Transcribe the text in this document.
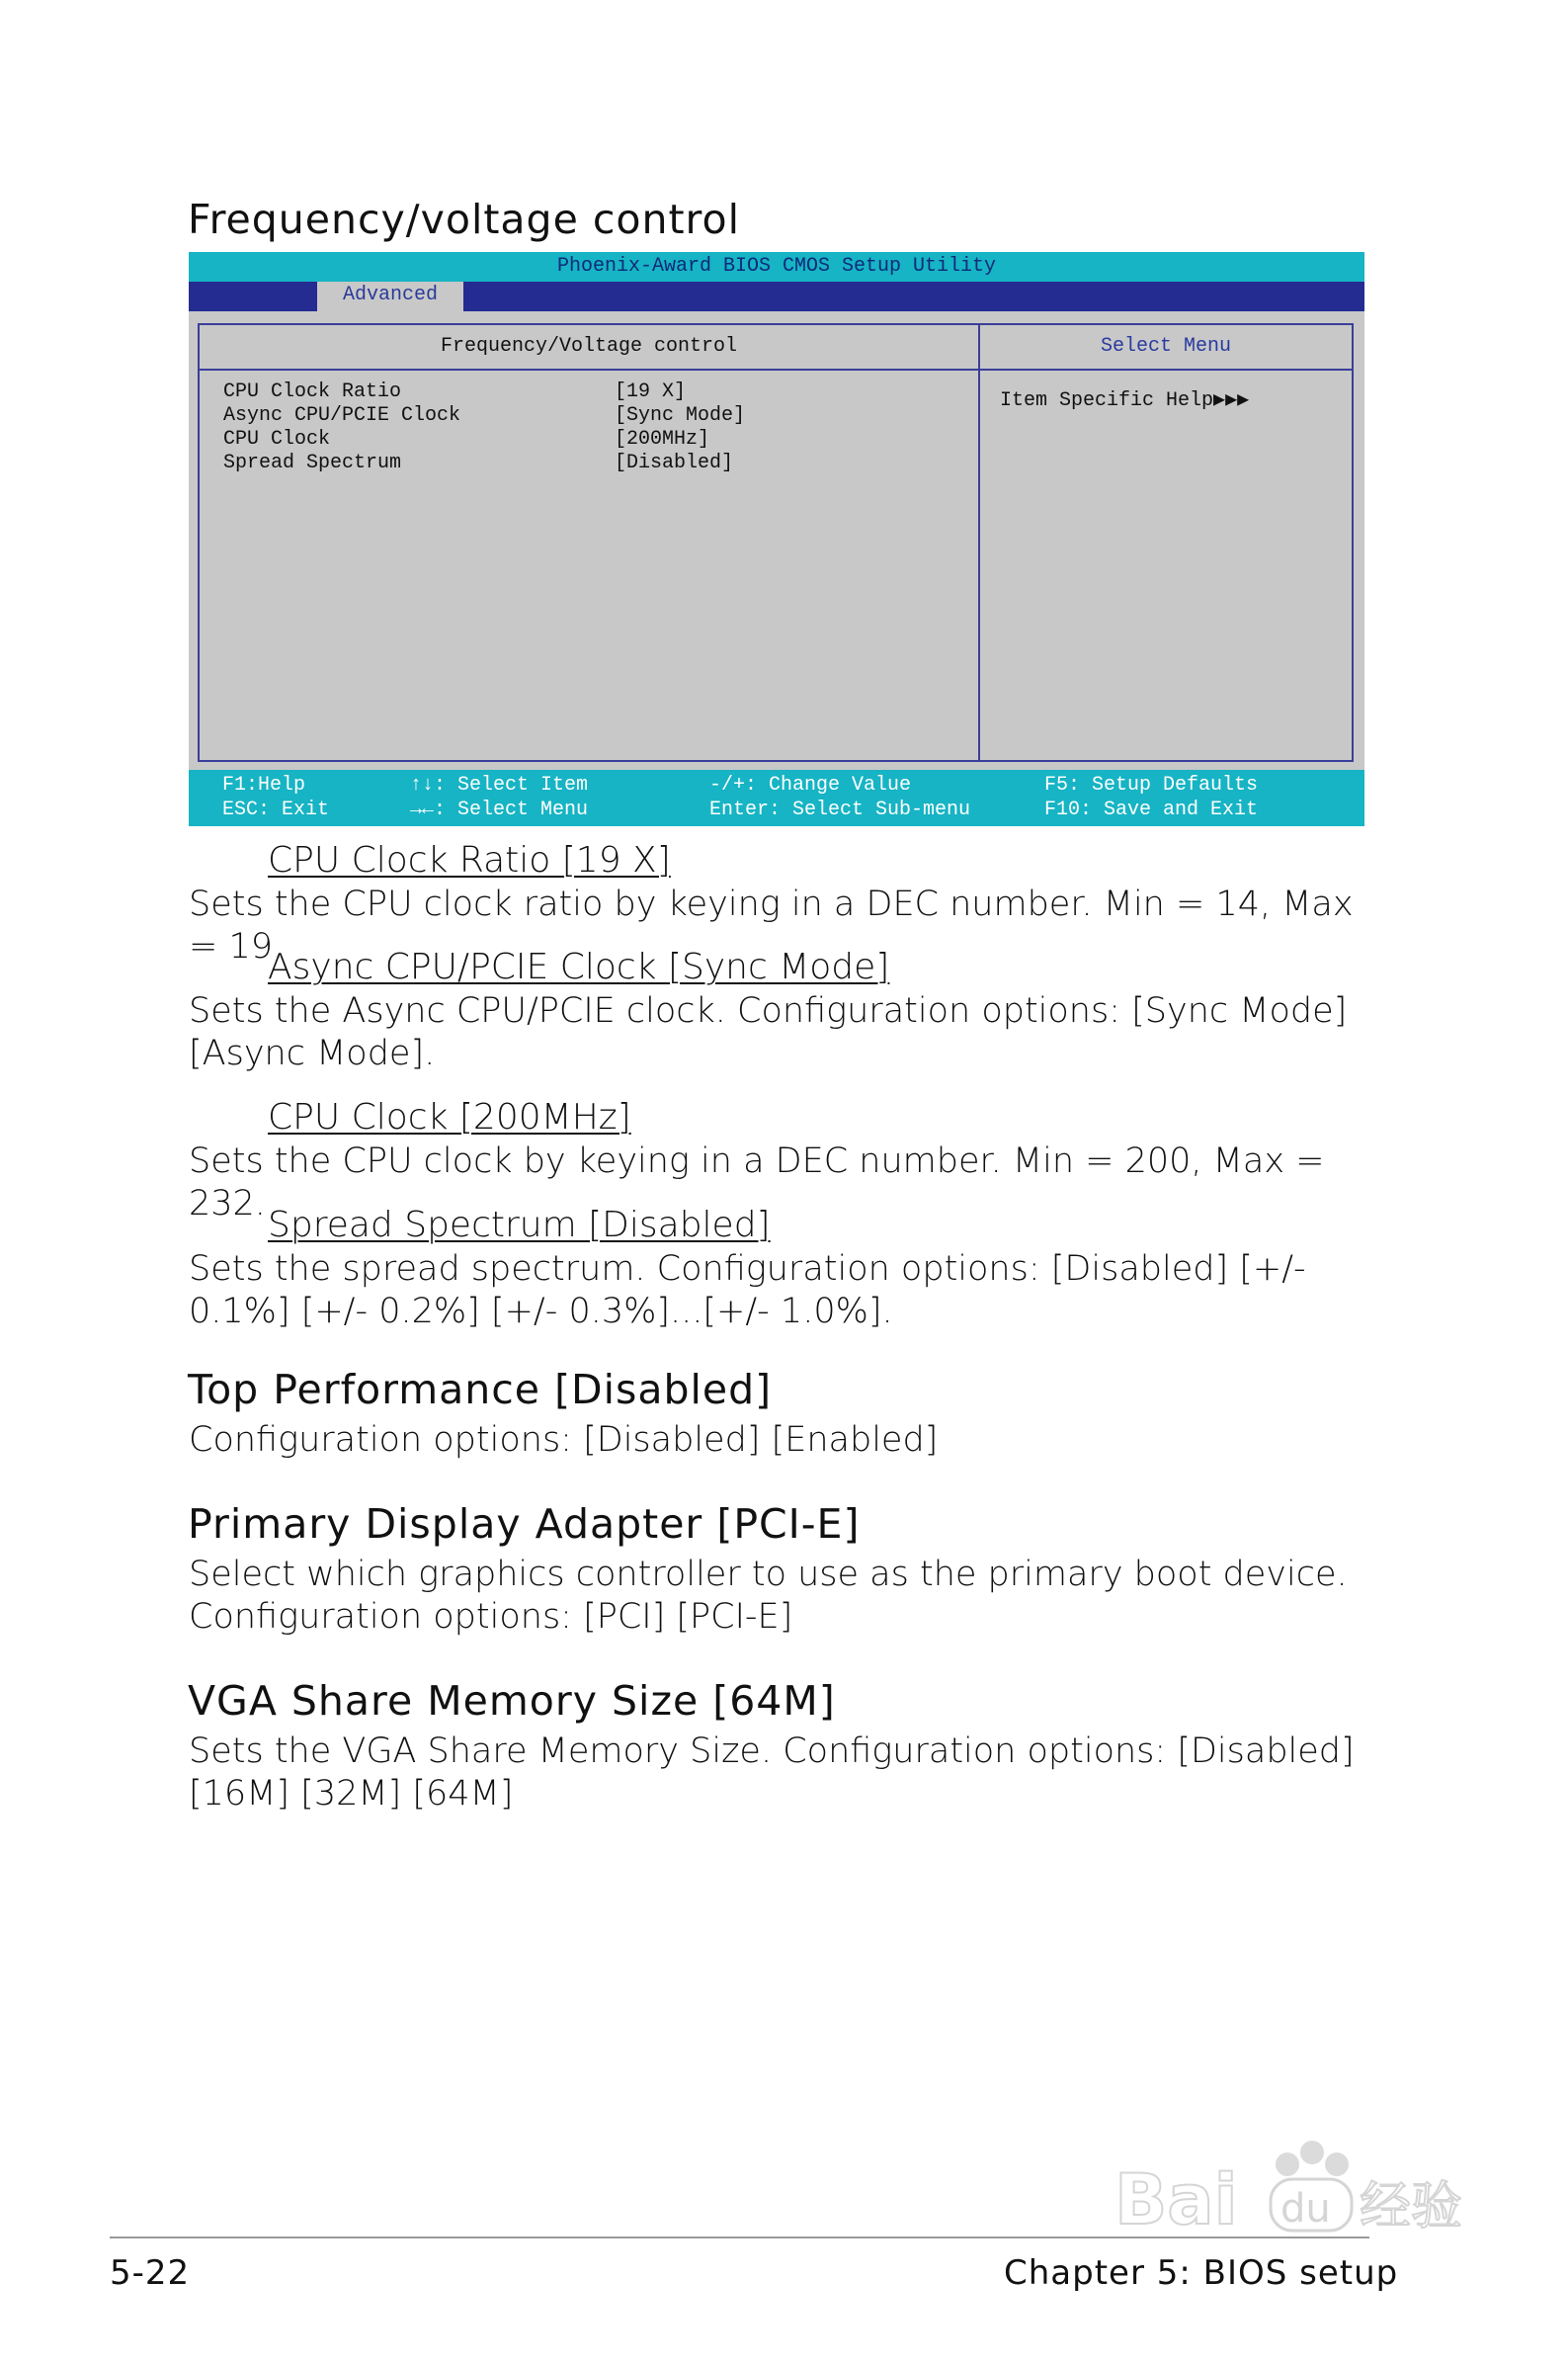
Frequency/voltage control
Phoenix-Award BIOS CMOS Setup Utility
Advanced
Frequency/Voltage control
CPU Clock Ratio	[19 X]
Async CPU/PCIE Clock	[Sync Mode]
CPU Clock	[200MHz]
Spread Spectrum	[Disabled]
Select Menu
Item Specific Help▶▶▶
F1:Help
ESC: Exit
↑↓: Select Item
→←: Select Menu
-/+: Change Value
Enter: Select Sub-menu
F5: Setup Defaults
F10: Save and Exit
CPU Clock Ratio [19 X]
Sets the CPU clock ratio by keying in a DEC number. Min = 14, Max = 19.
Async CPU/PCIE Clock [Sync Mode]
Sets the Async CPU/PCIE clock. Configuration options: [Sync Mode] [Async Mode].
CPU Clock [200MHz]
Sets the CPU clock by keying in a DEC number. Min = 200, Max = 232.
Spread Spectrum [Disabled]
Sets the spread spectrum. Configuration options: [Disabled] [+/- 0.1%] [+/- 0.2%] [+/- 0.3%]...[+/- 1.0%].
Top Performance [Disabled]
Configuration options: [Disabled] [Enabled]
Primary Display Adapter [PCI-E]
Select which graphics controller to use as the primary boot device. Configuration options: [PCI] [PCI-E]
VGA Share Memory Size [64M]
Sets the VGA Share Memory Size. Configuration options: [Disabled] [16M] [32M] [64M]
5-22	Chapter 5: BIOS setup
Bai du 经验
